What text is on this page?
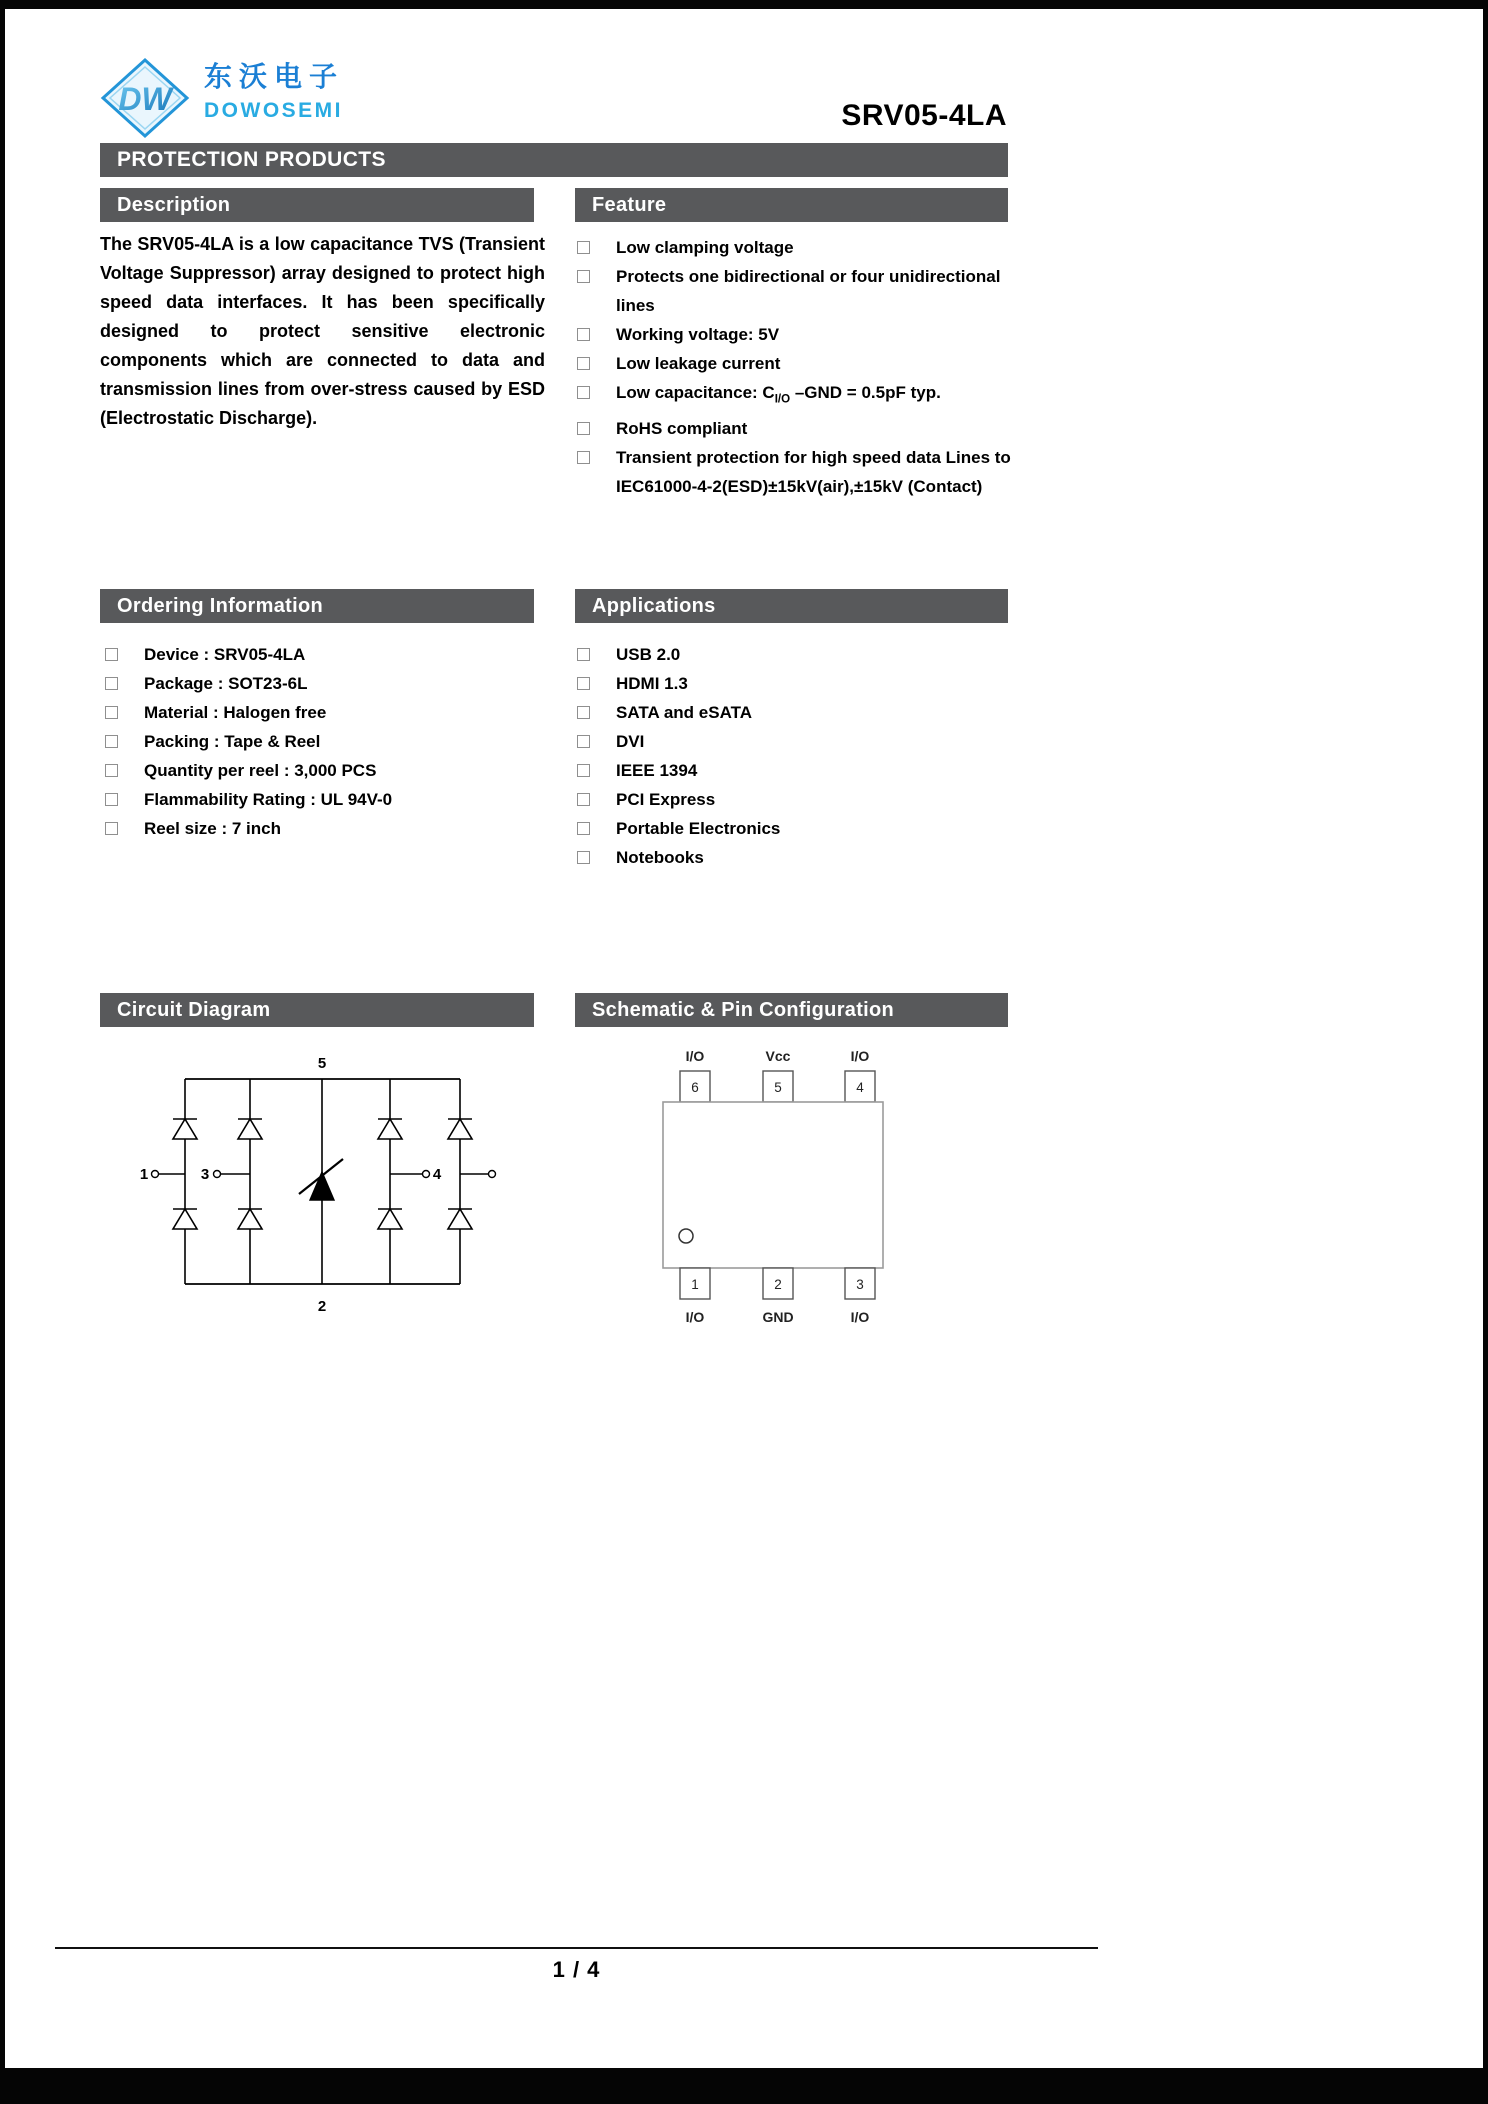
DW
东沃电子
DOWOSEMI	SRV05-4LA
PROTECTION PRODUCTS
Description	Feature
Ordering Information	Applications
Circuit Diagram	Schematic & Pin Configuration

The SRV05-4LA is a low capacitance TVS (Transient Voltage Suppressor) array designed to protect high speed data interfaces. It has been specifically designed to protect sensitive electronic components which are connected to data and transmission lines from over-stress caused by ESD (Electrostatic Discharge).

Low clamping voltage
Protects one bidirectional or four unidirectional lines
Working voltage: 5V
Low leakage current
Low capacitance: $C_{I/O}$ –GND = 0.5pF typ.
RoHS compliant
Transient protection for high speed data Lines to IEC61000-4-2(ESD)±15kV(air),±15kV (Contact)
Device : SRV05-4LA
Package : SOT23-6L
Material : Halogen free
Packing : Tape & Reel
Quantity per reel : 3,000 PCS
Flammability Rating : UL 94V-0
Reel size : 7 inch
USB 2.0
HDMI 1.3
SATA and eSATA
DVI
IEEE 1394
PCI Express
Portable Electronics
Notebooks
5
2
1	3	4
I/O	Vcc	I/O
6	5	4
1	2	3
I/O	GND	I/O
1 / 4
